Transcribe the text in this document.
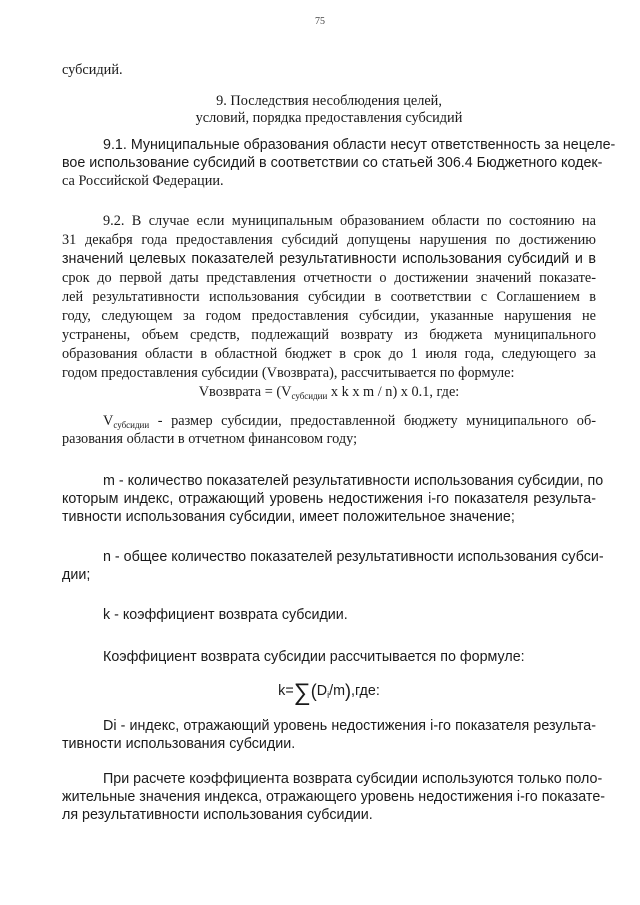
75
субсидий.
9. Последствия несоблюдения целей,
условий, порядка предоставления субсидий
9.1. Муниципальные образования области несут ответственность за нецеле-
вое использование субсидий в соответствии со статьей 306.4 Бюджетного кодек-
са Российской Федерации.
9.2. В случае если муниципальным образованием области по состоянию на
31 декабря года предоставления субсидий допущены нарушения по достижению
значений целевых показателей результативности использования субсидий и в
срок до первой даты представления отчетности о достижении значений показате-
лей результативности использования субсидии в соответствии с Соглашением в
году, следующем за годом предоставления субсидии, указанные нарушения не
устранены, объем средств, подлежащий возврату из бюджета муниципального
образования области в областной бюджет в срок до 1 июля года, следующего за
годом предоставления субсидии (Vвозврата), рассчитывается по формуле:
Vвозврата = ($V_{субсидии}$ х k х m / n) х 0.1, где:
$V_{субсидии}$ - размер субсидии, предоставленной бюджету муниципального об-
разования области в отчетном финансовом году;
m - количество показателей результативности использования субсидии, по
которым индекс, отражающий уровень недостижения i-го показателя результа-
тивности использования субсидии, имеет положительное значение;
n - общее количество показателей результативности использования субси-
дии;
k - коэффициент возврата субсидии.
Коэффициент возврата субсидии рассчитывается по формуле:
$k=\sum(D_i/m),где$:
Di - индекс, отражающий уровень недостижения i-го показателя результа-
тивности использования субсидии.
При расчете коэффициента возврата субсидии используются только поло-
жительные значения индекса, отражающего уровень недостижения i-го показате-
ля результативности использования субсидии.
